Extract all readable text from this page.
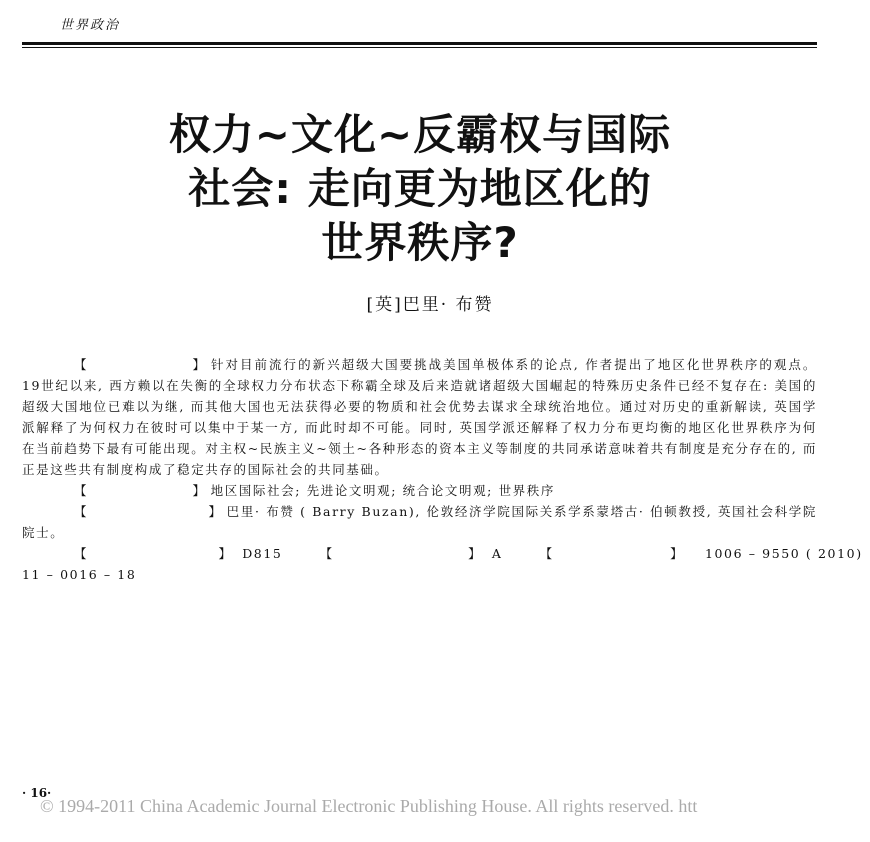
世界政治
权力~文化~反霸权与国际
社会: 走向更为地区化的
世界秩序?
[英]巴里· 布赞

【	】 针对目前流行的新兴超级大国要挑战美国单极体系的论点, 作者提出了地区化世界秩序的观点。19世纪以来, 西方赖以在失衡的全球权力分布状态下称霸全球及后来造就诸超级大国崛起的特殊历史条件已经不复存在: 美国的超级大国地位已难以为继, 而其他大国也无法获得必要的物质和社会优势去谋求全球统治地位。通过对历史的重新解读, 英国学派解释了为何权力在彼时可以集中于某一方, 而此时却不可能。同时, 英国学派还解释了权力分布更均衡的地区化世界秩序为何在当前趋势下最有可能出现。对主权~民族主义~领土~各种形态的资本主义等制度的共同承诺意味着共有制度是充分存在的, 而正是这些共有制度构成了稳定共存的国际社会的共同基础。

【	】 地区国际社会; 先进论文明观; 统合论文明观; 世界秩序

【	】 巴里· 布赞 ( Barry Buzan), 伦敦经济学院国际关系学系蒙塔古· 伯顿教授, 英国社会科学院院士。

【	】 D815	【	】 A	【	】 1006 – 9550 ( 2010)

11 – 0016 – 18

· 16·
© 1994-2011 China Academic Journal Electronic Publishing House. All rights reserved. htt
